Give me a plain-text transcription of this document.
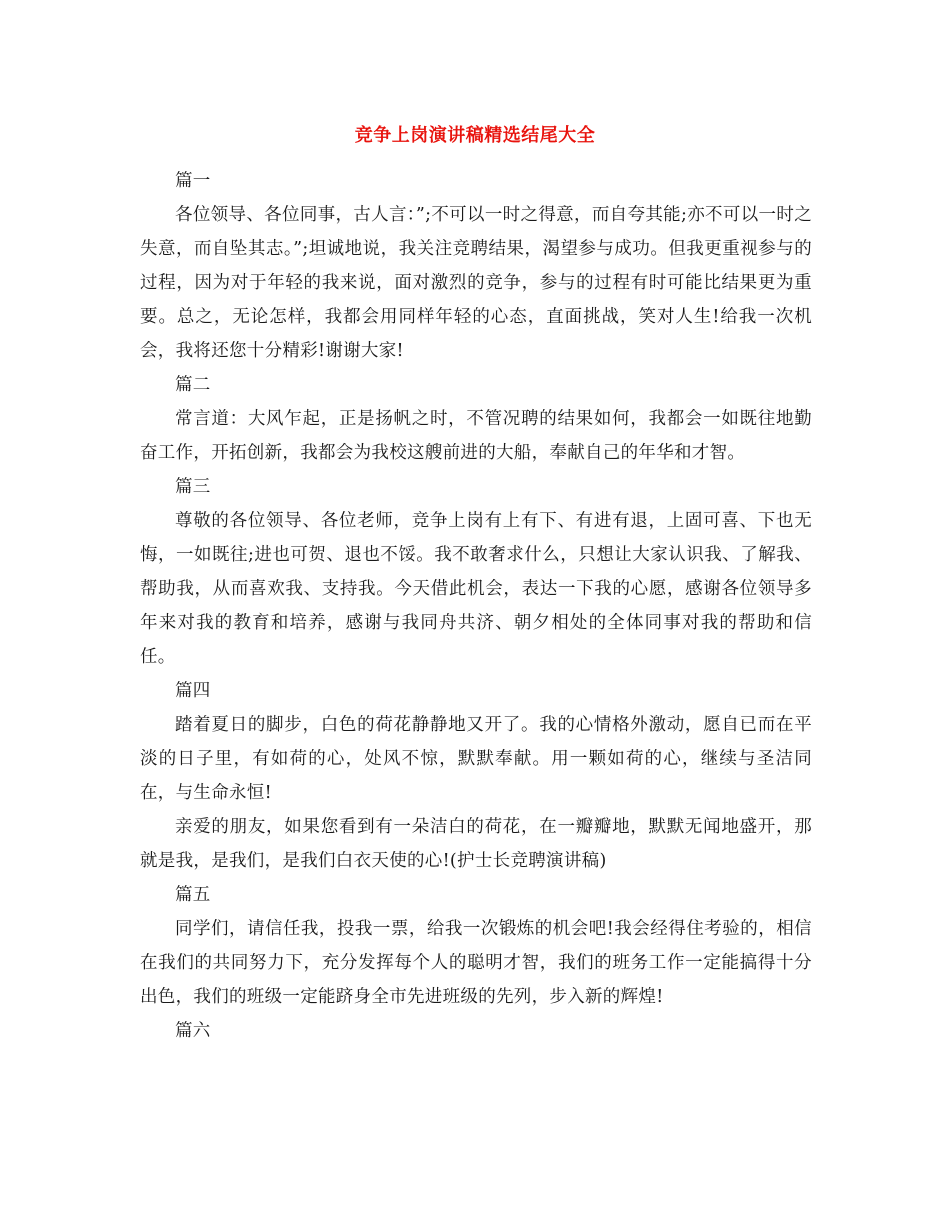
竞争上岗演讲稿精选结尾大全

篇一

各位领导、各位同事，古人言：”;不可以一时之得意，而自夸其能;亦不可以一时之失意，而自坠其志。”;坦诚地说，我关注竞聘结果，渴望参与成功。但我更重视参与的过程，因为对于年轻的我来说，面对激烈的竞争，参与的过程有时可能比结果更为重要。总之，无论怎样，我都会用同样年轻的心态，直面挑战，笑对人生!给我一次机会，我将还您十分精彩!谢谢大家!

篇二

常言道：大风乍起，正是扬帆之时，不管况聘的结果如何，我都会一如既往地勤奋工作，开拓创新，我都会为我校这艘前进的大船，奉献自己的年华和才智。

篇三

尊敬的各位领导、各位老师，竞争上岗有上有下、有进有退，上固可喜、下也无悔，一如既往;进也可贺、退也不馁。我不敢奢求什么，只想让大家认识我、了解我、帮助我，从而喜欢我、支持我。今天借此机会，表达一下我的心愿，感谢各位领导多年来对我的教育和培养，感谢与我同舟共济、朝夕相处的全体同事对我的帮助和信任。

篇四

踏着夏日的脚步，白色的荷花静静地又开了。我的心情格外激动，愿自已而在平淡的日子里，有如荷的心，处风不惊，默默奉献。用一颗如荷的心，继续与圣洁同在，与生命永恒!

亲爱的朋友，如果您看到有一朵洁白的荷花，在一瓣瓣地，默默无闻地盛开，那就是我，是我们，是我们白衣天使的心!(护士长竞聘演讲稿)

篇五

同学们，请信任我，投我一票，给我一次锻炼的机会吧!我会经得住考验的，相信在我们的共同努力下，充分发挥每个人的聪明才智，我们的班务工作一定能搞得十分出色，我们的班级一定能跻身全市先进班级的先列，步入新的辉煌!

篇六
